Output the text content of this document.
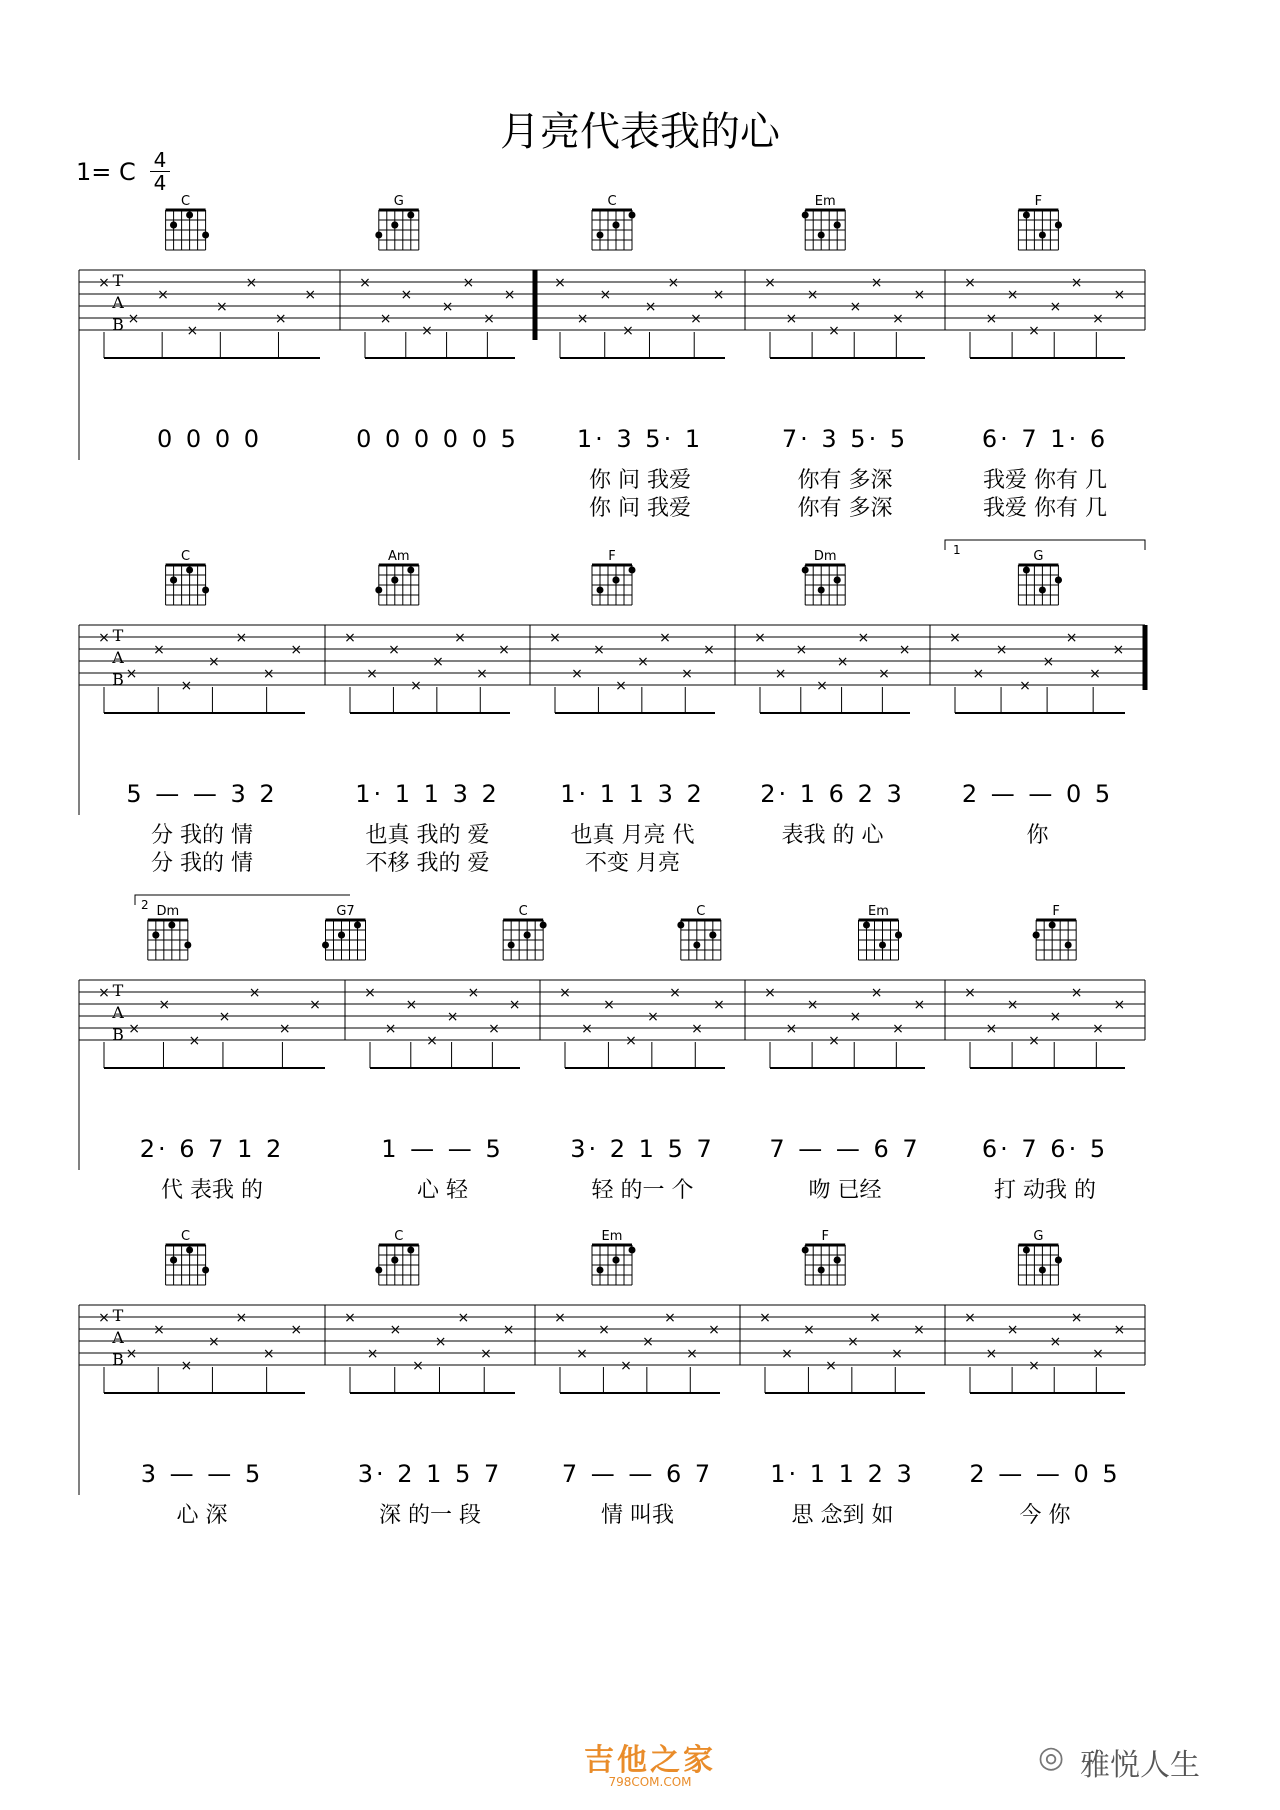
月亮代表我的心
1= C 4
4
T
A
B
C	G	C	Em	F
×
×
×
×
×
×
×
×
0 0 0 0
×
×
×
×
×
×
×
×
0 0 0 0 0 5
×
×
×
×
×
×
×
×
1· 3 5· 1
你 问 我爱
你 问 我爱
×
×
×
×
×
×
×
×
7· 3 5· 5
你有 多深
你有 多深
×
×
×
×
×
×
×
×
6· 7 1· 6
我爱 你有 几
我爱 你有 几
T
A
B
C	Am	F	Dm	G
×
×
×
×
×
×
×
×
5 — — 3 2
分 我的 情
分 我的 情
×
×
×
×
×
×
×
×
1· 1 1 3 2
也真 我的 爱
不移 我的 爱
×
×
×
×
×
×
×
×
1· 1 1 3 2
也真 月亮 代
不变 月亮
×
×
×
×
×
×
×
×
2· 1 6 2 3
表我 的 心
×
×
×
×
×
×
×
×
2 — — 0 5
你
T
A
B
Dm	G7	C	C	Em	F
×
×
×
×
×
×
×
×
2· 6 7 1 2
代 表我 的
×
×
×
×
×
×
×
×
1 — — 5
心 轻
×
×
×
×
×
×
×
×
3· 2 1 5 7
轻 的一 个
×
×
×
×
×
×
×
×
7 — — 6 7
吻 已经
×
×
×
×
×
×
×
×
6· 7 6· 5
打 动我 的
T
A
B
C	C	Em	F	G
×
×
×
×
×
×
×
×
3 — — 5
心 深
×
×
×
×
×
×
×
×
3· 2 1 5 7
深 的一 段
×
×
×
×
×
×
×
×
7 — — 6 7
情 叫我
×
×
×
×
×
×
×
×
1· 1 1 2 3
思 念到 如
×
×
×
×
×
×
×
×
2 — — 0 5
今 你
1
2
吉他之家
798COM.COM
◎ 雅悦人生
